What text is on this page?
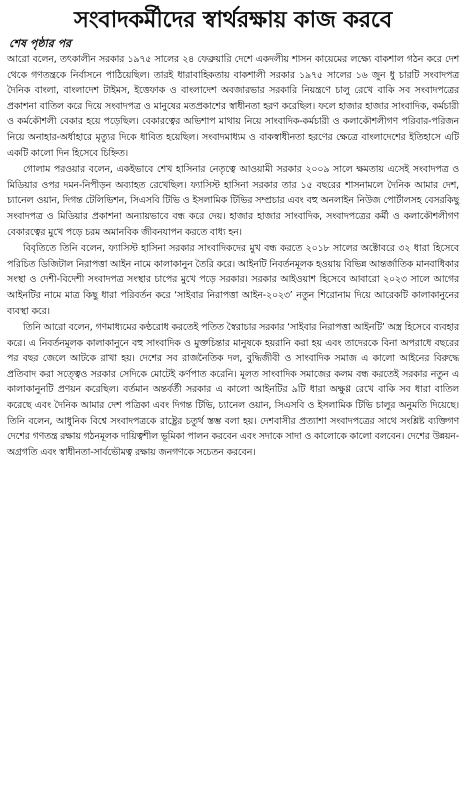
সংবাদকর্মীদের স্বার্থরক্ষায় কাজ করবে
শেষ পৃষ্ঠার পর

আরো বলেন, তৎকালীন সরকার ১৯৭৫ সালের ২৪ ফেব্রুয়ারি দেশে একদলীয় শাসন কায়েমের লক্ষ্যে বাকশাল গঠন করে দেশ থেকে গণতন্ত্রকে নির্বাসনে পাঠিয়েছিল। তারই ধারাবাহিকতায় বাকশালী সরকার ১৯৭৫ সালের ১৬ জুন ধু চারটি সংবাদপত্র দৈনিক বাংলা, বাংলাদেশ টাইমস, ইত্তেফাক ও বাংলাদেশ অবজারভার সরকারি নিয়ন্ত্রণে চালু রেখে বাকি সব সংবাদপত্রের প্রকাশনা বাতিল করে দিয়ে সংবাদপত্র ও মানুষের মতপ্রকাশের স্বাধীনতা হরণ করেছিল। ফলে হাজার হাজার সাংবাদিক, কর্মচারী ও কর্মকৌশলী বেকার হয়ে পড়েছিল। বেকারত্বের অভিশাপ মাথায় নিয়ে সাংবাদিক-কর্মচারী ও কলাকৌশলীগণ পরিবার-পরিজন নিয়ে অনাহার-অর্ধাহারে মৃত্যুর দিকে ধাবিত হয়েছিল। সংবাদমাধ্যম ও বাকস্বাধীনতা হরণের ক্ষেত্রে বাংলাদেশের ইতিহাসে এটি একটি কালো দিন হিসেবে চিহ্নিত।

গোলাম পরওয়ার বলেন, একইভাবে শেখ হাসিনার নেতৃত্বে আওয়ামী সরকার ২০০৯ সালে ক্ষমতায় এসেই সংবাদপত্র ও মিডিয়ার ওপর দমন-নিপীড়ন অব্যাহত রেখেছিল। ফ্যাসিস্ট হাসিনা সরকার তার ১৫ বছরের শাসনামলে দৈনিক আমার দেশ, চ্যানেল ওয়ান, দিগন্ত টেলিভিশন, সিএসবি টিভি ও ইসলামিক টিভির সম্প্রচার এবং বহু অনলাইন নিউজ পোর্টালসহ বেসরকিছু সংবাদপত্র ও মিডিয়ার প্রকাশনা অন্যায়ভাবে বন্ধ করে দেয়। হাজার হাজার সাংবাদিক, সংবাদপত্রের কর্মী ও কলাকৌশলীগণ বেকারত্বের মুখে পড়ে চরম অমানবিক জীবনযাপন করতে বাধ্য হন।

বিবৃতিতে তিনি বলেন, ফ্যাসিস্ট হাসিনা সরকার সাংবাদিকদের মুখ বন্ধ করতে ২০১৮ সালের অক্টোবরে ৩২ ধারা হিসেবে পরিচিত ডিজিটাল নিরাপত্তা আইন নামে কালাকানুন তৈরি করে। আইনটি নিবর্তনমূলক হওয়ায় বিভিন্ন আন্তর্জাতিক মানবাধিকার সংস্থা ও দেশী-বিদেশী সংবাদপত্র সংস্থার চাপের মুখে পড়ে সরকার। সরকার আইওয়াশ হিসেবে আবারো ২০২৩ সালে আগের আইনটির নামে মাত্র কিছু ধারা পরিবর্তন করে ‘সাইবার নিরাপত্তা আইন-২০২৩’ নতুন শিরোনাম দিয়ে আরেকটি কালাকানুনের ব্যবস্থা করে।

তিনি আরো বলেন, গণমাধ্যমের কণ্ঠরোধ করতেই পতিত স্বৈরাচার সরকার ‘সাইবার নিরাপত্তা আইনটি’ অস্ত্র হিসেবে ব্যবহার করে। এ নিবর্তনমূলক কালাকানুনে বহু সাংবাদিক ও মুক্তচিন্তার মানুষকে হয়রানি করা হয় এবং তাদেরকে বিনা অপরাধে বছরের পর বছর জেলে আটকে রাখা হয়। দেশের সব রাজনৈতিক দল, বুদ্ধিজীবী ও সাংবাদিক সমাজ এ কালো আইনের বিরুদ্ধে প্রতিবাদ করা সত্ত্বেও সরকার সেদিকে মোটেই কর্ণপাত করেনি। মূলত সাংবাদিক সমাজের কলম বন্ধ করতেই সরকার নতুন এ কালাকানুনটি প্রণয়ন করেছিল। বর্তমান অন্তর্বর্তী সরকার এ কালো আইনটির ৯টি ধারা অক্ষুণ্ণ রেখে বাকি সব ধারা বাতিল করেছে এবং দৈনিক আমার দেশ পত্রিকা এবং দিগন্ত টিভি, চ্যানেল ওয়ান, সিএসবি ও ইসলামিক টিভি চালুর অনুমতি দিয়েছে। তিনি বলেন, আধুনিক বিশ্বে সংবাদপত্রকে রাষ্ট্রের চতুর্থ স্তম্ভ বলা হয়। দেশবাসীর প্রত্যাশা সংবাদপত্রের সাথে সংশ্লিষ্ট ব্যক্তিগণ দেশের গণতন্ত্র রক্ষায় গঠনমূলক দায়িত্বশীল ভূমিকা পালন করবেন এবং সদাকে সাদা ও কালোকে কালো বলবেন। দেশের উন্নয়ন-অগ্রগতি এবং স্বাধীনতা-সার্বভৌমত্ব রক্ষায় জনগণকে সচেতন করবেন।
